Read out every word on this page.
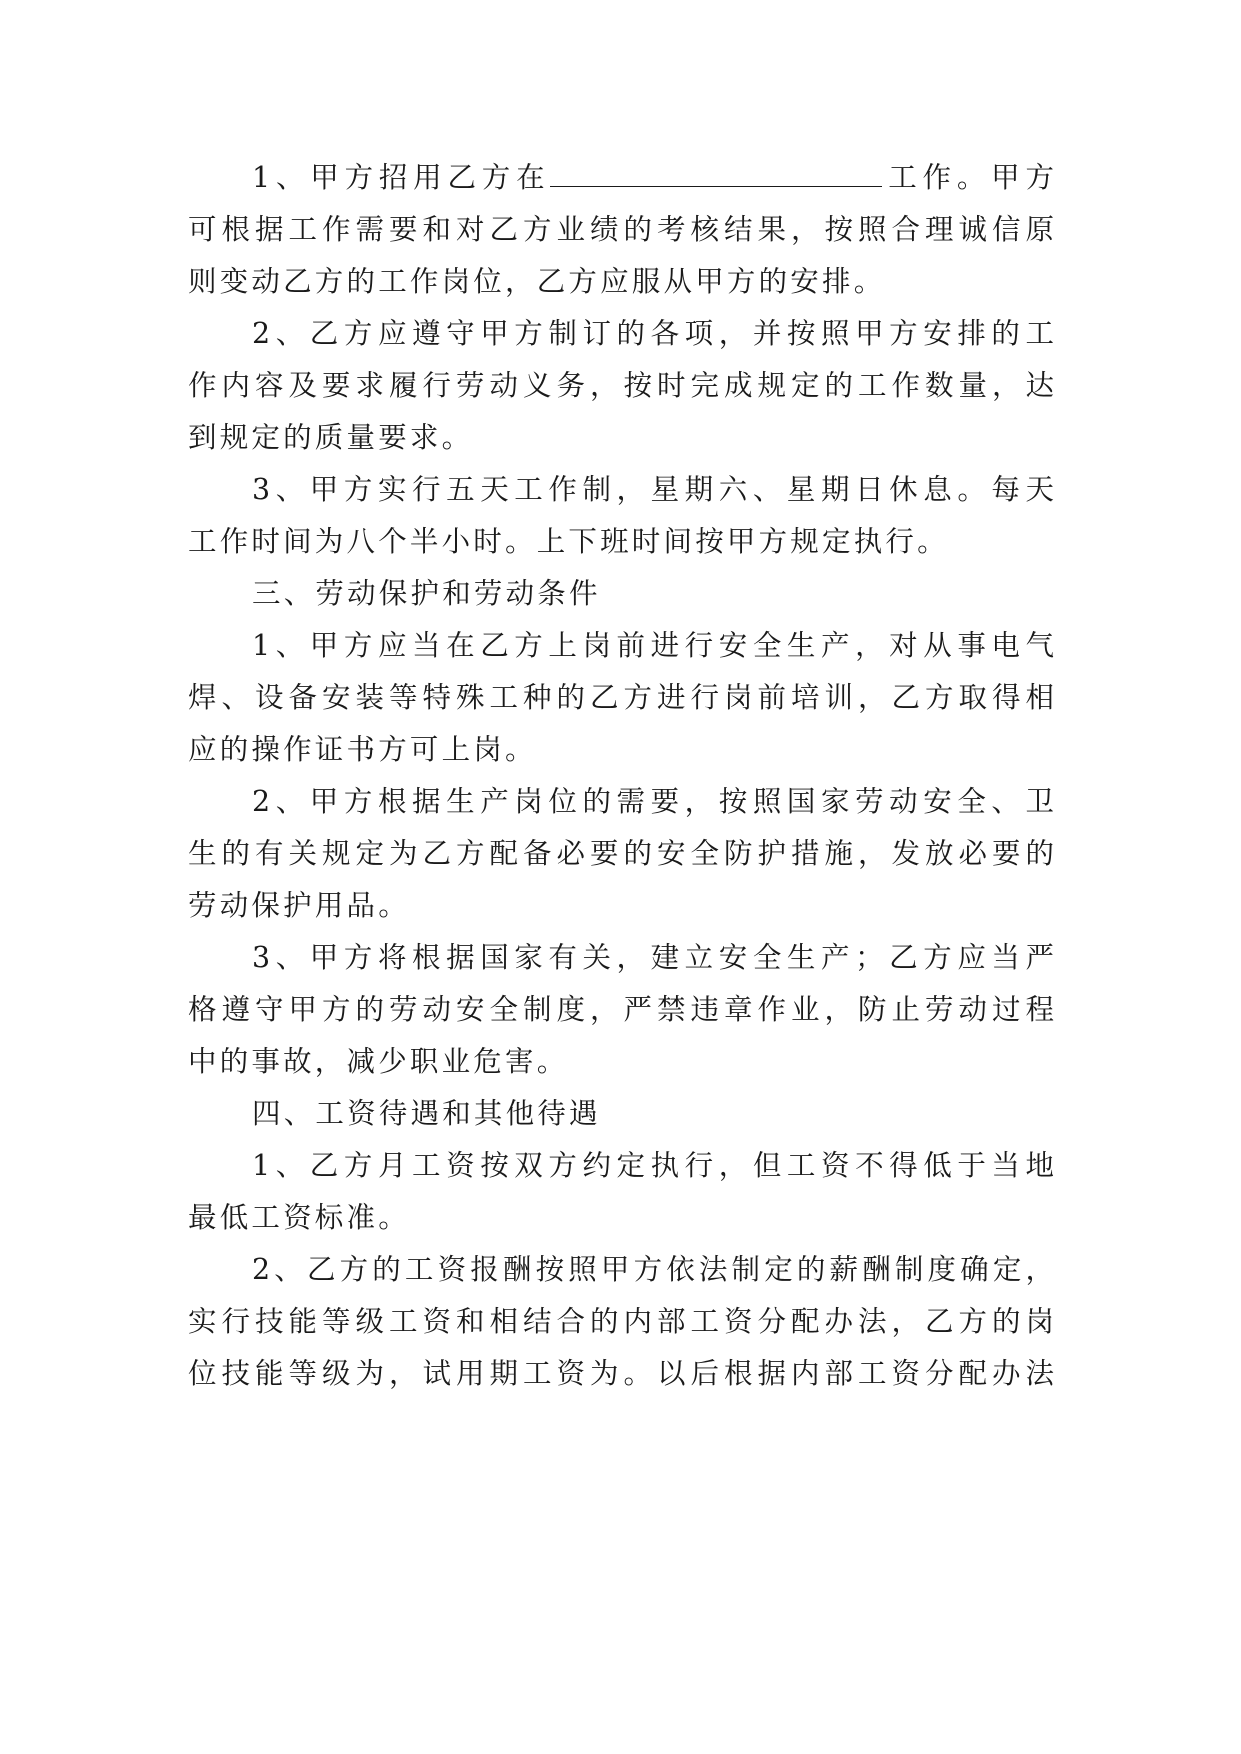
1、甲方招用乙方在	工作。甲方
可根据工作需要和对乙方业绩的考核结果，按照合理诚信原
则变动乙方的工作岗位，乙方应服从甲方的安排。
2、乙方应遵守甲方制订的各项，并按照甲方安排的工
作内容及要求履行劳动义务，按时完成规定的工作数量，达
到规定的质量要求。
3、甲方实行五天工作制，星期六、星期日休息。每天
工作时间为八个半小时。上下班时间按甲方规定执行。
三、劳动保护和劳动条件
1、甲方应当在乙方上岗前进行安全生产，对从事电气
焊、设备安装等特殊工种的乙方进行岗前培训，乙方取得相
应的操作证书方可上岗。
2、甲方根据生产岗位的需要，按照国家劳动安全、卫
生的有关规定为乙方配备必要的安全防护措施，发放必要的
劳动保护用品。
3、甲方将根据国家有关，建立安全生产；乙方应当严
格遵守甲方的劳动安全制度，严禁违章作业，防止劳动过程
中的事故，减少职业危害。
四、工资待遇和其他待遇
1、乙方月工资按双方约定执行，但工资不得低于当地
最低工资标准。
2、乙方的工资报酬按照甲方依法制定的薪酬制度确定，
实行技能等级工资和相结合的内部工资分配办法，乙方的岗
位技能等级为，试用期工资为。以后根据内部工资分配办法
